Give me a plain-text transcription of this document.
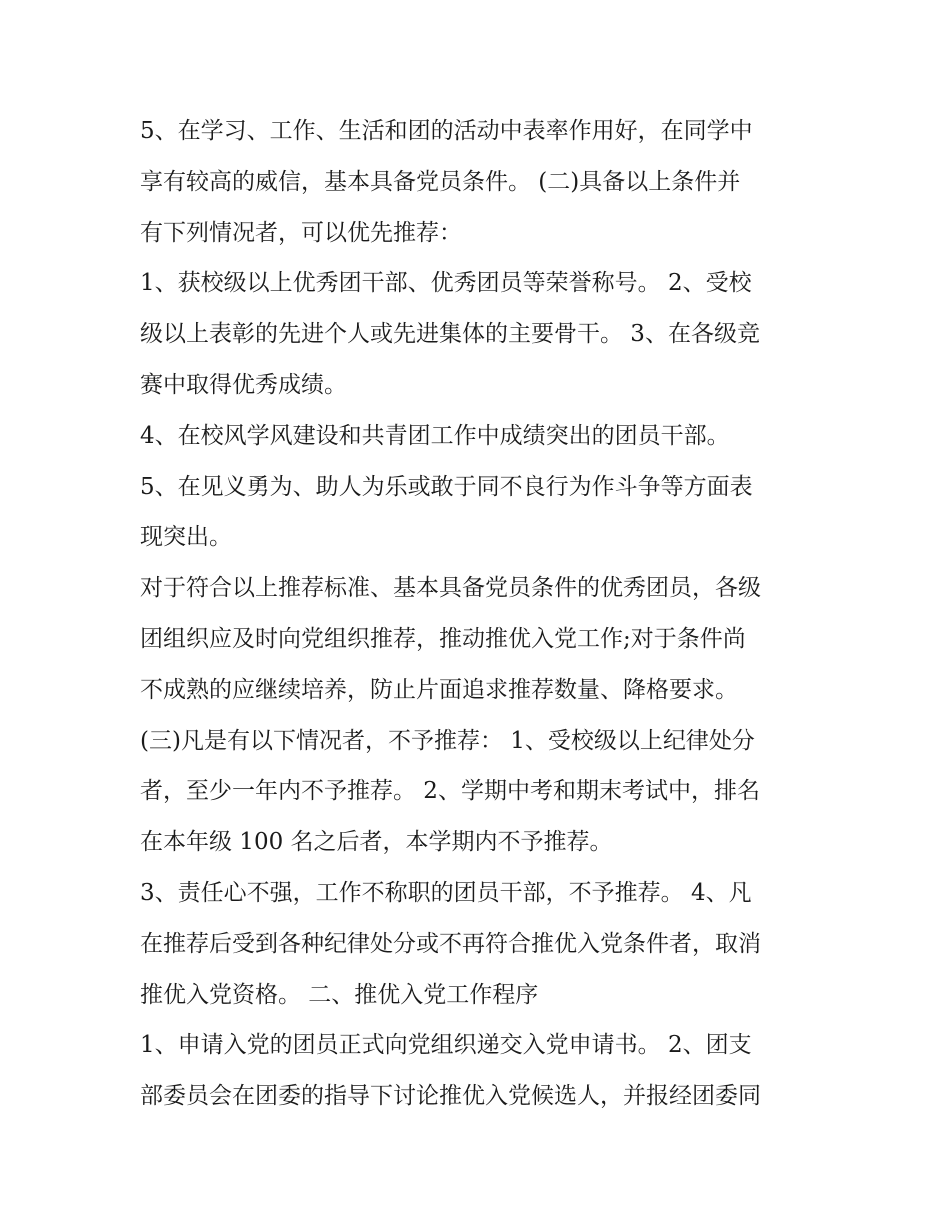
5、在学习、工作、生活和团的活动中表率作用好，在同学中
享有较高的威信，基本具备党员条件。 (二)具备以上条件并
有下列情况者，可以优先推荐：
1、获校级以上优秀团干部、优秀团员等荣誉称号。 2、受校
级以上表彰的先进个人或先进集体的主要骨干。 3、在各级竞
赛中取得优秀成绩。
4、在校风学风建设和共青团工作中成绩突出的团员干部。
5、在见义勇为、助人为乐或敢于同不良行为作斗争等方面表
现突出。
对于符合以上推荐标准、基本具备党员条件的优秀团员，各级
团组织应及时向党组织推荐，推动推优入党工作;对于条件尚
不成熟的应继续培养，防止片面追求推荐数量、降格要求。
(三)凡是有以下情况者，不予推荐： 1、受校级以上纪律处分
者，至少一年内不予推荐。 2、学期中考和期末考试中，排名
在本年级 100 名之后者，本学期内不予推荐。
3、责任心不强，工作不称职的团员干部，不予推荐。 4、凡
在推荐后受到各种纪律处分或不再符合推优入党条件者，取消
推优入党资格。 二、推优入党工作程序
1、申请入党的团员正式向党组织递交入党申请书。 2、团支
部委员会在团委的指导下讨论推优入党候选人，并报经团委同
